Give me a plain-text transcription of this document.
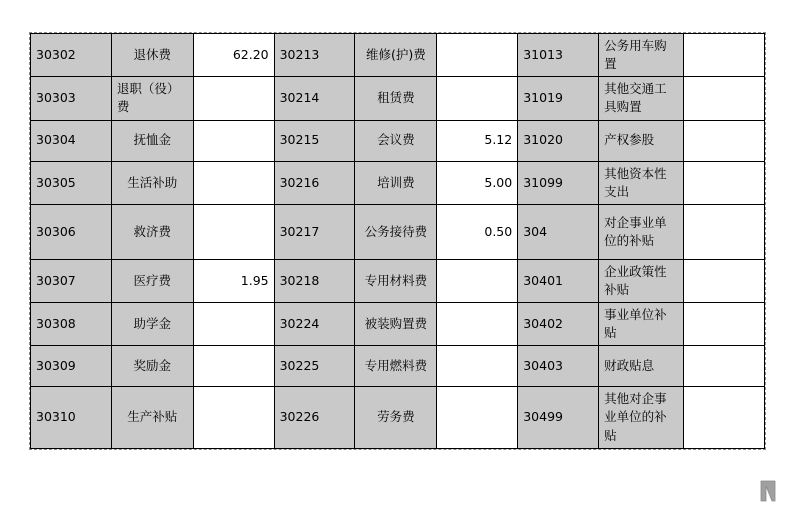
30302	退休费	62.20	30213	维修(护)费		31013	公务用车购置	
30303	退职（役）费		30214	租赁费		31019	其他交通工具购置	
30304	抚恤金		30215	会议费	5.12	31020	产权参股	
30305	生活补助		30216	培训费	5.00	31099	其他资本性支出	
30306	救济费		30217	公务接待费	0.50	304	对企事业单位的补贴	
30307	医疗费	1.95	30218	专用材料费		30401	企业政策性补贴	
30308	助学金		30224	被装购置费		30402	事业单位补贴	
30309	奖励金		30225	专用燃料费		30403	财政贴息	
30310	生产补贴		30226	劳务费		30499	其他对企事业单位的补贴	
